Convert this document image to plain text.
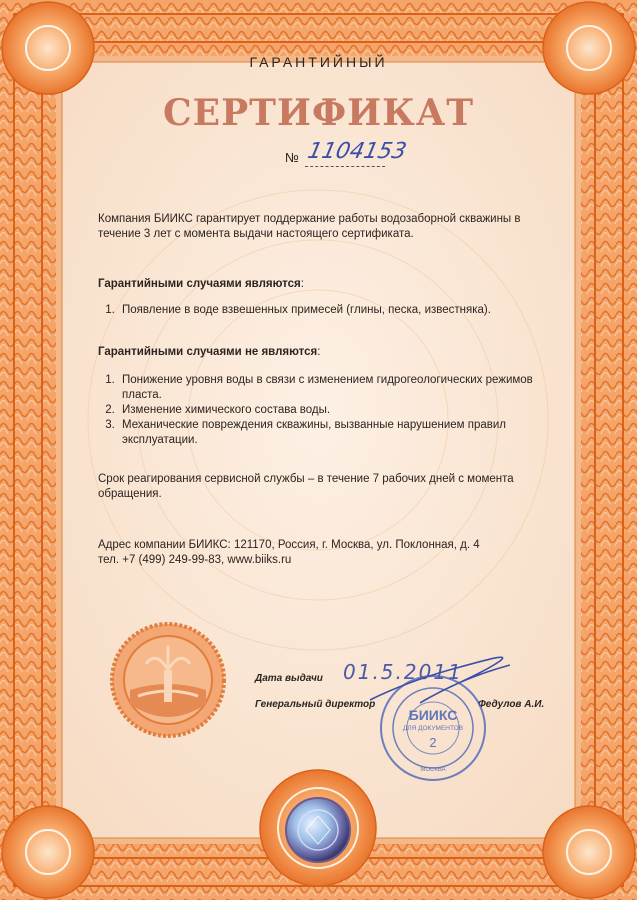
ГАРАНТИЙНЫЙ
СЕРТИФИКАТ
№ 1104153
Компания БИИКС гарантирует поддержание работы водозаборной скважины в течение 3 лет с момента выдачи настоящего сертификата.
Гарантийными случаями являются:
1. Появление в воде взвешенных примесей (глины, песка, известняка).
Гарантийными случаями не являются:
1. Понижение уровня воды в связи с изменением гидрогеологических режимов пласта.
2. Изменение химического состава воды.
3. Механические повреждения скважины, вызванные нарушением правил эксплуатации.
Срок реагирования сервисной службы – в течение 7 рабочих дней с момента обращения.
Адрес компании БИИКС: 121170, Россия, г. Москва, ул. Поклонная, д. 4
тел. +7 (499) 249-99-83, www.biiks.ru
Дата выдачи 01.5.2011
Генеральный директор	Федулов А.И.
БИИКС
ДЛЯ ДОКУМЕНТОВ
2
МОСКВА
